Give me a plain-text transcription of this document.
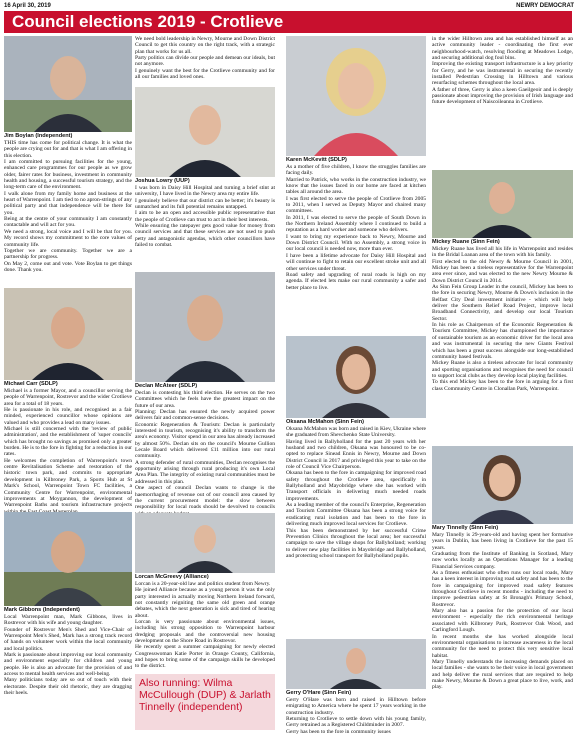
16 April 30, 2019	NEWRY DEMOCRAT
Council elections 2019 - Crotlieve
Jim Boylan (Independent)

THIS time has come for political change. It is what the people are crying out for and that is what I am offering in this election.

I am committed to pursuing facilities for the young, enhanced care programmes for our people as we grow older, fairer rates for business, investment in community health and housing, a successful tourism strategy, and the long-term care of the environment.

I walk alone from my family home and business at the heart of Warrenpoint. I am tied to no apron-strings of any political party and that independence will be there for you.

Being at the centre of your community I am constantly contactable and will act for you.

We need a strong, local voice and I will be that for you. My record shows my commitment to the core values of community life.

Together we are community. Together we are a partnership for progress.

On May 2, come out and vote. Vote Boylan to get things done. Thank you.

Michael Carr (SDLP)

Michael is a former Mayor, and a councillor serving the people of Warrenpoint, Rostrevor and the wider Crotlieve area for a total of 18 years.

He is passionate in his role, and recognised as a fair minded, experienced councillor whose opinions are valued and who provides a lead on many issues.

Michael is still concerned with the 'review of public administration', and the establishment of 'super councils' which has brought no savings as promised only a greater burden. He is to the fore in fighting for a reduction in our rates.

He welcomes the completion of Warrenpoint's town centre Revitalisation Scheme and restoration of the historic town park, and commits to appropriate development in Kilbroney Park, a Sports Hub at St Mark's School, Warrenpoint Town FC facilities, a Community Centre for Warrenpoint, environmental improvements at Moygannon, the development of Warrenpoint Baths and tourism infrastructure projects

Mark Gibbons (Independent)

Local Warrenpoint man, Mark Gibbons, lives in Rostrevor with his wife and young daughter.

Founder of Rostrevor Men's Shed and Vice-Chair of Warrenpoint Men's Shed, Mark has a strong track record of hands on volunteer work within the local community and local politics.

Mark is passionate about improving our local community and environment especially for children and young people. He is also an advocate for the provision of and access to mental health services and well-being.

Many politicians today are so out of touch with their electorate. Despite their old rhetoric, they are dragging their heels.

We need bold leadership in Newry, Mourne and Down District Council to get this country on the right track, with a strategic plan that works for us all.

Party politics can divide our people and demean our ideals, but not anymore.

I genuinely want the best for the Crotlieve community and for all our families and loved ones.

Joshua Lowry (UUP)

I was born in Daisy Hill Hospital and turning a brief stint at university, I have lived in the Newry area my entire life.

I genuinely believe that our district can be better; it's beauty is unmatched and its full potential remains untapped.

I aim to be an open and accessible public representative that the people of Crotlieve can trust to act in their best interests.

While ensuring the ratepayer gets good value for money from council services and that these services are not used to push petty and antagonistic agendas, which other councillors have failed to combat.

Declan McAteer (SDLP)

Declan is contesting his third election. He serves on the two Committees which he feels have the greatest impact on the future of our area.

Planning: Declan has ensured the newly acquired power delivers fair and common-sense decisions.

Economic Regeneration & Tourism: Declan is particularly interested in tourism, recognising it's ability to transform the area's economy. Visitor spend in our area has already increased by almost 50%. Declan sits on the council's Mourne Gullion Lecale Board which delivered £11 million into our rural community.

A strong defender of rural communities, Declan recognises the opportunity arising through rural producing it's own Local Area Plan. The integrity of existing rural communities must be addressed in this plan.

One aspect of council Declan wants to change is the haemorrhaging of revenue out of our council area caused by the current procurement model: the slow between responsibility for local roads should be devolved to councils

Lorcan McGreevy (Alliance)

Lorcan is a 20-year-old law and politics student from Newry.

He joined Alliance because as a young person it was the only party interested in actually moving Northern Ireland forward, not constantly reigniting the same old green and orange debates, which the next generation is sick and tired of hearing about.

Lorcan is very passionate about environmental issues, including his strong opposition to Warrenpoint harbour dredging proposals and the controversial new housing development on the Shore Road in Rostrevor.

He recently spent a summer campaigning for newly elected Congresswoman Katie Porter in Orange County, California, and hopes to bring some of the campaign skills he developed to the district.

Also running: Wilma McCullough (DUP) & Jarlath Tinnelly (independent)
Karen McKevitt (SDLP)

As a mother of five children, I know the struggles families are facing daily.

Married to Patrick, who works in the construction industry, we know that the issues faced in our home are faced at kitchen tables all around the area.

I was first elected to serve the people of Crotlieve from 2005 to 2011, when I served as Deputy Mayor and chaired many committees.

In 2011, I was elected to serve the people of South Down in the Northern Ireland Assembly where I continued to build a reputation as a hard worker and someone who delivers.

I want to bring my experience back to Newry, Mourne and Down District Council. With no Assembly, a strong voice in our local council is needed now, more than ever.

I have been a lifetime advocate for Daisy Hill Hospital and will continue to fight to retain our excellent stroke unit and all other services under threat.

Road safety and upgrading of rural roads is high on my agenda. If elected lets make our rural community a safer and better place to live.

Oksana McMahon (Sinn Fein)

Oksana McMahon was born and raised in Kiev, Ukraine where she graduated from Shevchenko State University.

Having lived in Ballyholland for the past 20 years with her husband and two children, Oksana was honoured to be co-opted to replace Sinead Ennis in Newry, Mourne and Down District Council in 2017 and privileged this year to take on the role of Council Vice Chairperson.

Oksana has been to the fore in campaigning for improved road safety throughout the Crotlieve area, specifically in Ballyholland and Mayobridge where she has worked with Transport officials in delivering much needed roads improvements.

As a leading member of the council's Enterprise, Regeneration and Tourism Committee Oksana has been a strong voice for eradicating rural isolation and has been to the fore in delivering much improved local services for Crotlieve.

This has been demonstrated by her successful Crime Prevention Clinics throughout the local area; her successful campaign to save the village shops for Ballyholland; working to deliver new play facilities in Mayobridge and Ballyholland, and protecting school transport for Ballyholland pupils.

Gerry O'Hare (Sinn Fein)

Gerry O'Hare was born and raised in Hilltown before emigrating to America where he spent 17 years working in the construction industry.

Returning to Crotlieve to settle down with his young family, Gerry retrained as a Registered Childminder in 2007.

Gerry has been to the fore in community issues

in the wider Hilltown area and has established himself as an active community leader - coordinating the first ever neighbourhood-watch, resolving flooding at Meadows Lodge, and securing additional dog foul bins.

Improving the existing transport infrastructure is a key priority for Gerry, and he was instrumental in securing the recently installed Pedestrian Crossing in Hilltown and various resurfacing schemes throughout the local area.

A father of three, Gerry is also a keen Gaeilgeoir and is deeply passionate about improving the provision of Irish language and future development of Naiscoileanna in Crotlieve.

Mickey Ruane (Sinn Fein)

Mickey Ruane has lived all his life in Warrenpoint and resides in the Bridal Loanan area of the town with his family.

First elected to the old Newry & Mourne Council in 2001, Mickey has been a tireless representative for the Warrenpoint area ever since, and was elected to the new Newry Mourne & Down District Council in 2014.

As Sinn Fein Group Leader in the council, Mickey has been to the fore in securing Newry, Mourne & Down's inclusion in the Belfast City Deal investment initiative - which will help deliver the Southern Relief Road Project, improve local Broadband Connectivity, and develop our local Tourism Sector.

In his role as Chairperson of the Economic Regeneration & Tourism Committee, Mickey has championed the importance of sustainable tourism as an economic driver for the local area and was instrumental in securing the new Giants Festival which has been a great success alongside our long-established community based festivals.

Mickey Ruane is also a tireless advocate for local community and sporting organisations and recognises the need for council to support local clubs as they develop local playing facilities.

To this end Mickey has been to the fore in arguing for a first class Community Centre in Clonallan Park, Warrenpoint.

Mary Tinnelly (Sinn Fein)

Mary Tinnelly is 29-years-old and having spent her formative years in Dublin, has been living in Crotlieve for the past 15 years.

Graduating from the Institute of Banking in Scotland, Mary now works locally as an Operations Manager for a leading Financial Services company.

As a fitness enthusiast who often runs our local roads, Mary has a keen interest in improving road safety and has been to the fore in campaigning for improved road safety features throughout Crotlieve in recent months - including the need to improve pedestrian safety at St Bronagh's Primary School, Rostrevor.

Mary also has a passion for the protection of our local environment - especially the rich environmental heritage associated with Kilbroney Park, Rostrevor Oak Wood, and Carlingford Lough.

In recent months she has worked alongside local environmental organisations to increase awareness in the local community for the need to protect this very sensitive local habitat.

Mary Tinnelly understands the increasing demands placed on local families - she wants to be their voice in local government and help deliver the rural services that are required to help make Newry, Mourne & Down a great place to live, work, and play.
